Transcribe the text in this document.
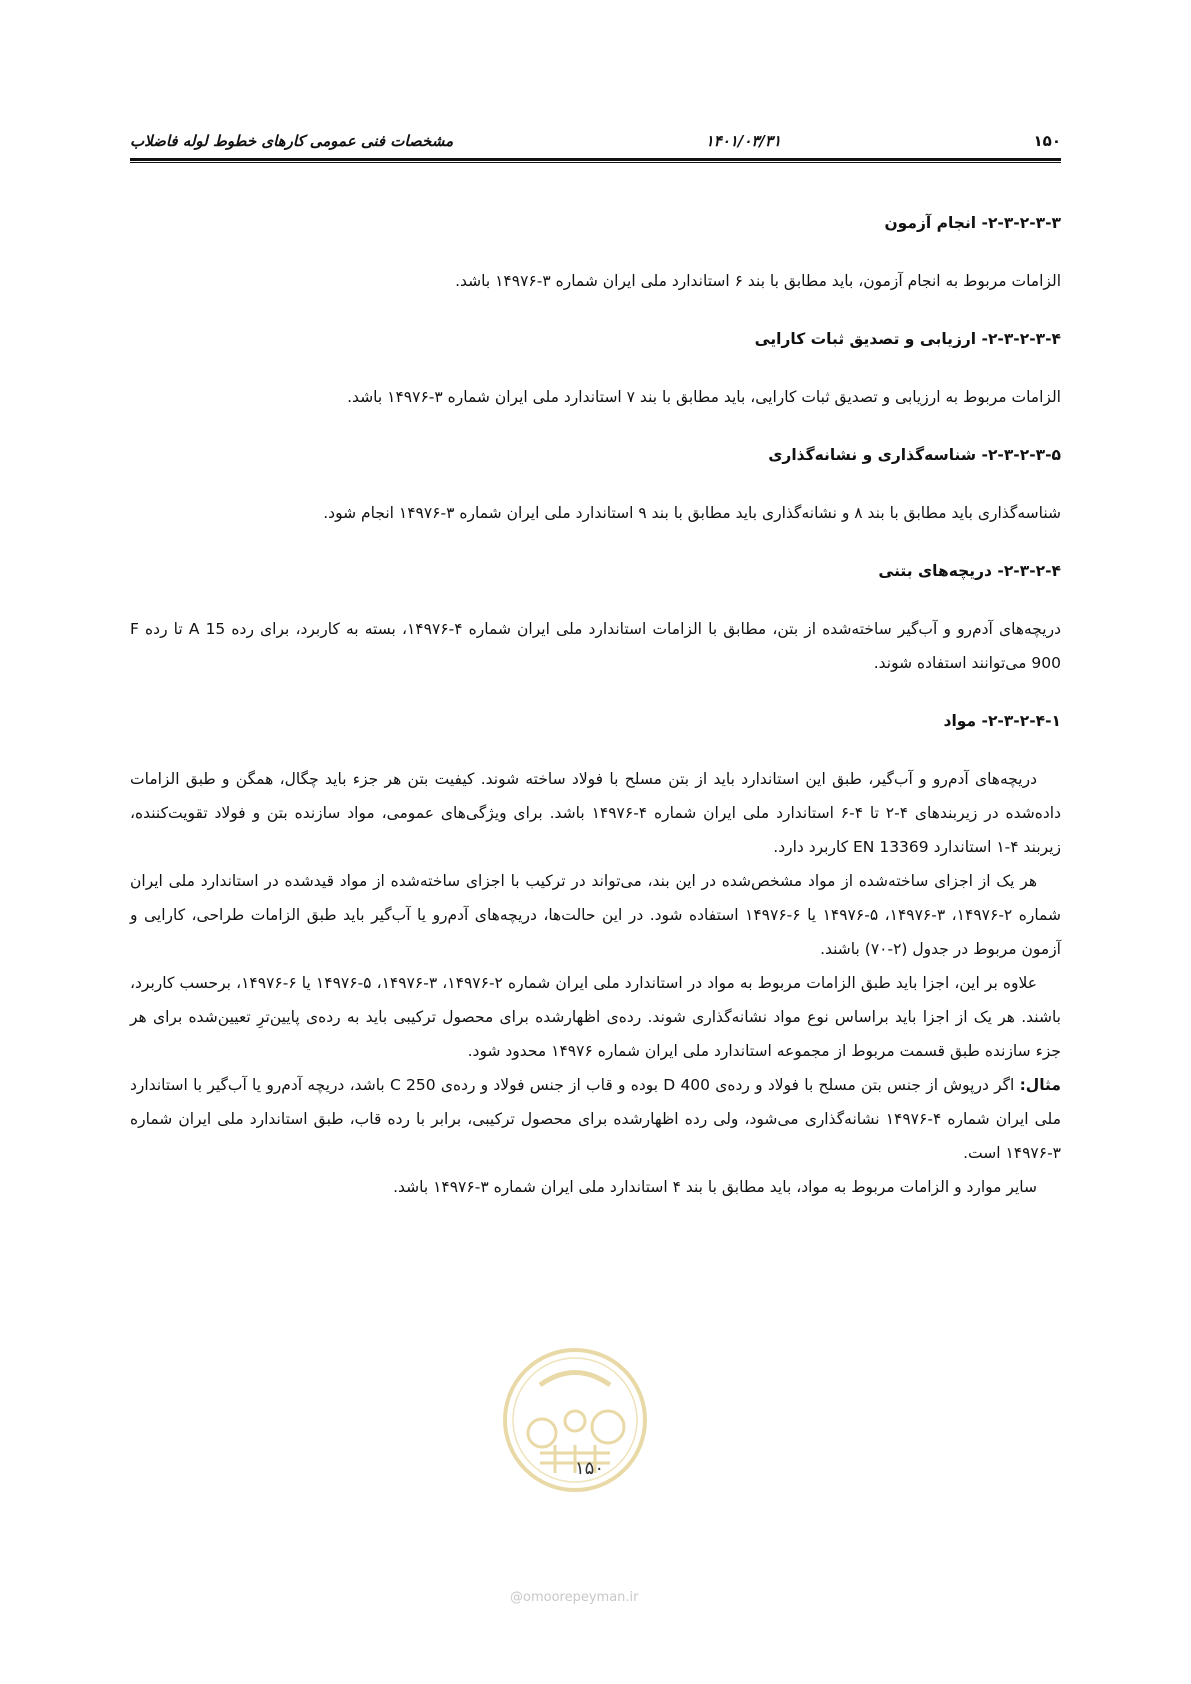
۱۵۰
۱۴۰۱/۰۳/۳۱
مشخصات فنی عمومی کارهای خطوط لوله فاضلاب
۲-۳-۲-۳-۳- انجام آزمون

الزامات مربوط به انجام آزمون، باید مطابق با بند ۶ استاندارد ملی ایران شماره ۳-۱۴۹۷۶ باشد.

۲-۳-۲-۳-۴- ارزیابی و تصدیق ثبات کارایی

الزامات مربوط به ارزیابی و تصدیق ثبات کارایی، باید مطابق با بند ۷ استاندارد ملی ایران شماره ۳-۱۴۹۷۶ باشد.

۲-۳-۲-۳-۵- شناسه‌گذاری و نشانه‌گذاری

شناسه‌گذاری باید مطابق با بند ۸ و نشانه‌گذاری باید مطابق با بند ۹ استاندارد ملی ایران شماره ۳-۱۴۹۷۶ انجام شود.

۲-۳-۲-۴- دریچه‌های بتنی

دریچه‌های آدم‌رو و آب‌گیر ساخته‌شده از بتن، مطابق با الزامات استاندارد ملی ایران شماره ۴-۱۴۹۷۶، بسته به کاربرد، برای رده A 15 تا رده F 900 می‌توانند استفاده شوند.

۲-۳-۲-۴-۱- مواد

دریچه‌های آدم‌رو و آب‌گیر، طبق این استاندارد باید از بتن مسلح با فولاد ساخته شوند. کیفیت بتن هر جزء باید چگال، همگن و طبق الزامات داده‌شده در زیربندهای ۴-۲ تا ۴-۶ استاندارد ملی ایران شماره ۴-۱۴۹۷۶ باشد. برای ویژگی‌های عمومی، مواد سازنده بتن و فولاد تقویت‌کننده، زیربند ۴-۱ استاندارد EN 13369 کاربرد دارد.

هر یک از اجزای ساخته‌شده از مواد مشخص‌شده در این بند، می‌تواند در ترکیب با اجزای ساخته‌شده از مواد قیدشده در استاندارد ملی ایران شماره ۲-۱۴۹۷۶، ۳-۱۴۹۷۶، ۵-۱۴۹۷۶ یا ۶-۱۴۹۷۶ استفاده شود. در این حالت‌ها، دریچه‌های آدم‌رو یا آب‌گیر باید طبق الزامات طراحی، کارایی و آزمون مربوط در جدول (۲-۷۰) باشند.

علاوه بر این، اجزا باید طبق الزامات مربوط به مواد در استاندارد ملی ایران شماره ۲-۱۴۹۷۶، ۳-۱۴۹۷۶، ۵-۱۴۹۷۶ یا ۶-۱۴۹۷۶، برحسب کاربرد، باشند. هر یک از اجزا باید براساس نوع مواد نشانه‌گذاری شوند. رده‌ی اظهارشده برای محصول ترکیبی باید به رده‌ی پایین‌ترِ تعیین‌شده برای هر جزء سازنده طبق قسمت مربوط از مجموعه استاندارد ملی ایران شماره ۱۴۹۷۶ محدود شود.

مثال: اگر درپوش از جنس بتن مسلح با فولاد و رده‌ی D 400 بوده و قاب از جنس فولاد و رده‌ی C 250 باشد، دریچه آدم‌رو یا آب‌گیر با استاندارد ملی ایران شماره ۴-۱۴۹۷۶ نشانه‌گذاری می‌شود، ولی رده اظهارشده برای محصول ترکیبی، برابر با رده قاب، طبق استاندارد ملی ایران شماره ۳-۱۴۹۷۶ است.

سایر موارد و الزامات مربوط به مواد، باید مطابق با بند ۴ استاندارد ملی ایران شماره ۳-۱۴۹۷۶ باشد.

۱۵۰
@omoorepeyman.ir
